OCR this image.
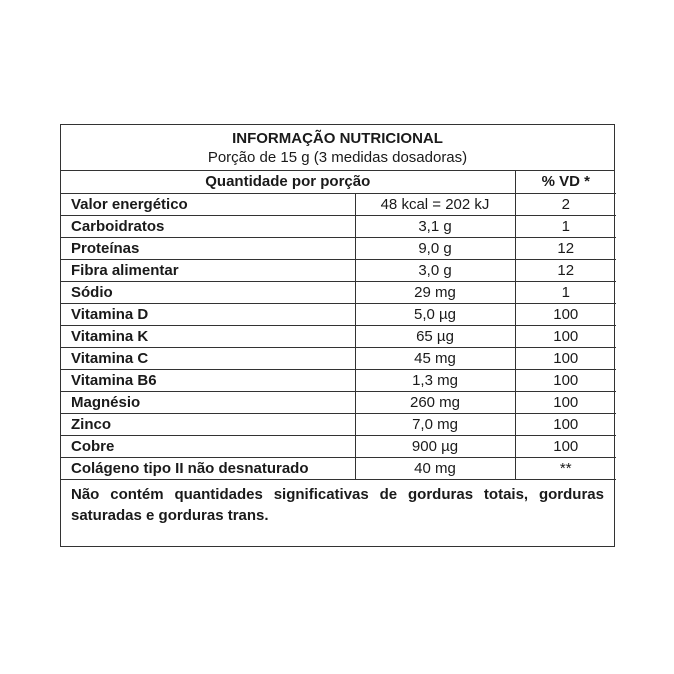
INFORMAÇÃO NUTRICIONAL
Porção de 15 g (3 medidas dosadoras)
Quantidade por porção		% VD *
Valor energético	48 kcal = 202 kJ	2
Carboidratos	3,1 g	1
Proteínas	9,0 g	12
Fibra alimentar	3,0 g	12
Sódio	29 mg	1
Vitamina D	5,0 µg	100
Vitamina K	65 µg	100
Vitamina C	45 mg	100
Vitamina B6	1,3 mg	100
Magnésio	260 mg	100
Zinco	7,0 mg	100
Cobre	900 µg	100
Colágeno tipo II não desnaturado	40 mg	**
Não contém quantidades significativas de gorduras totais, gorduras saturadas e gorduras trans.
